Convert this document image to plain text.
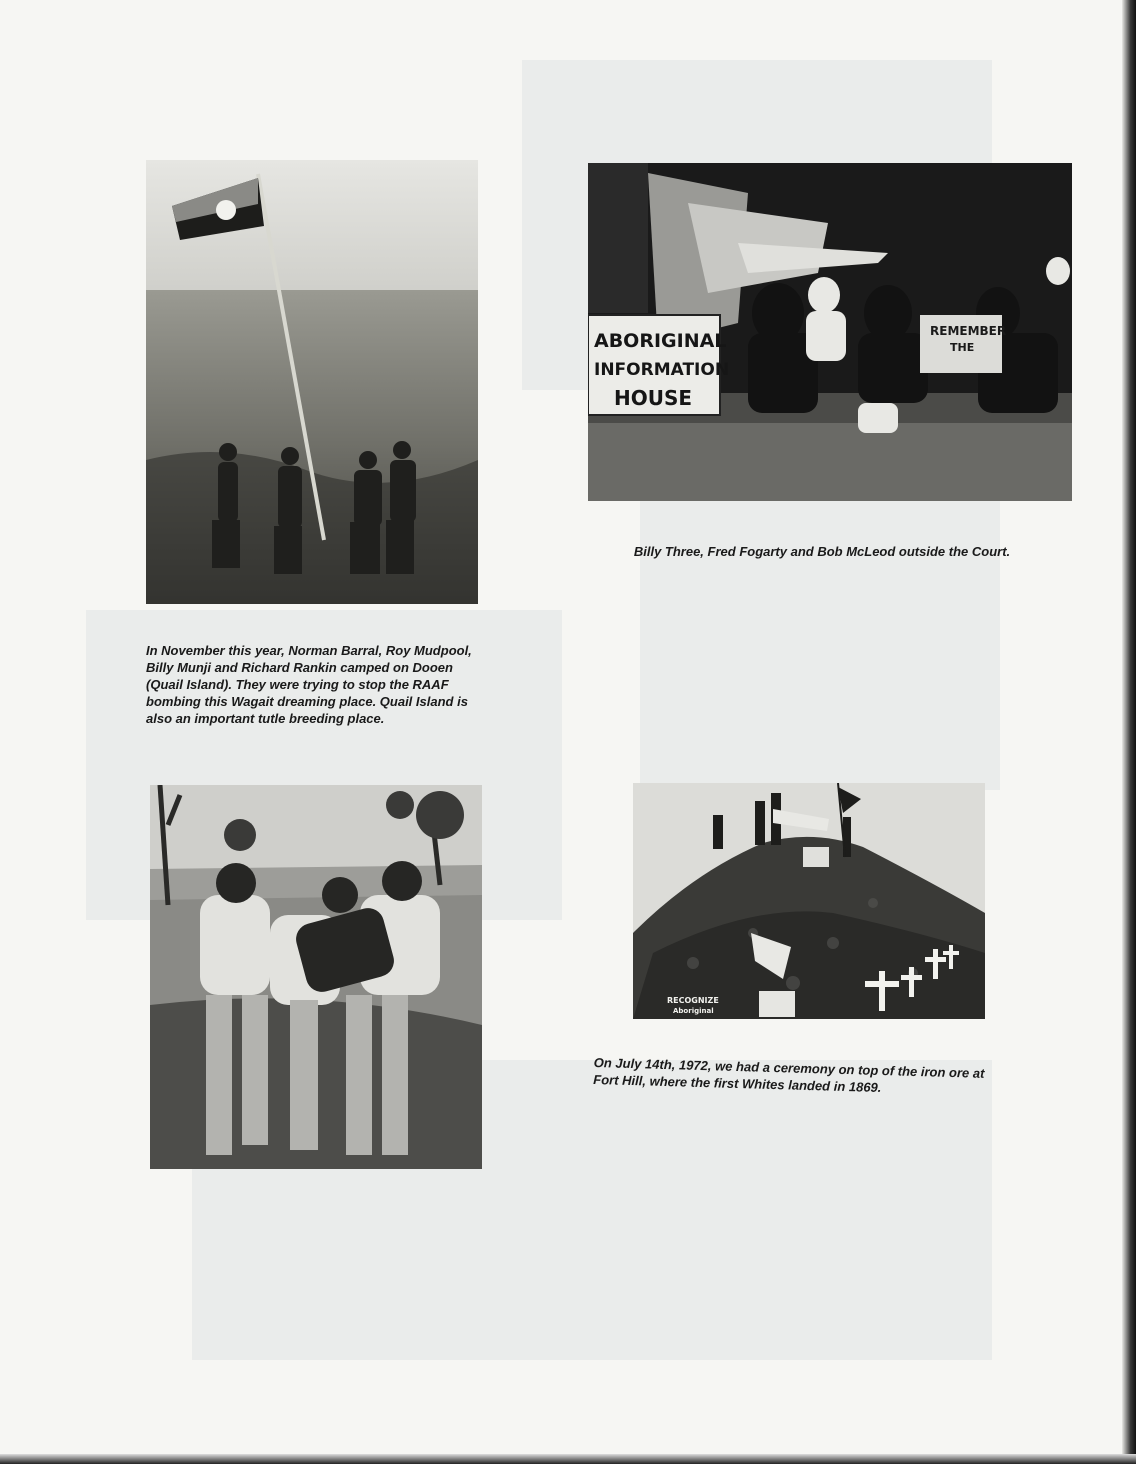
ABORIGINAL
INFORMATION
HOUSE
REMEMBER
THE
RECOGNIZE
Aboriginal
In November this year, Norman Barral, Roy Mudpool, Billy Munji and Richard Rankin camped on Dooen (Quail Island). They were trying to stop the RAAF bombing this Wagait dreaming place. Quail Island is also an important tutle breeding place.
Billy Three, Fred Fogarty and Bob McLeod outside the Court.
On July 14th, 1972, we had a ceremony on top of the iron ore at Fort Hill, where the first Whites landed in 1869.
